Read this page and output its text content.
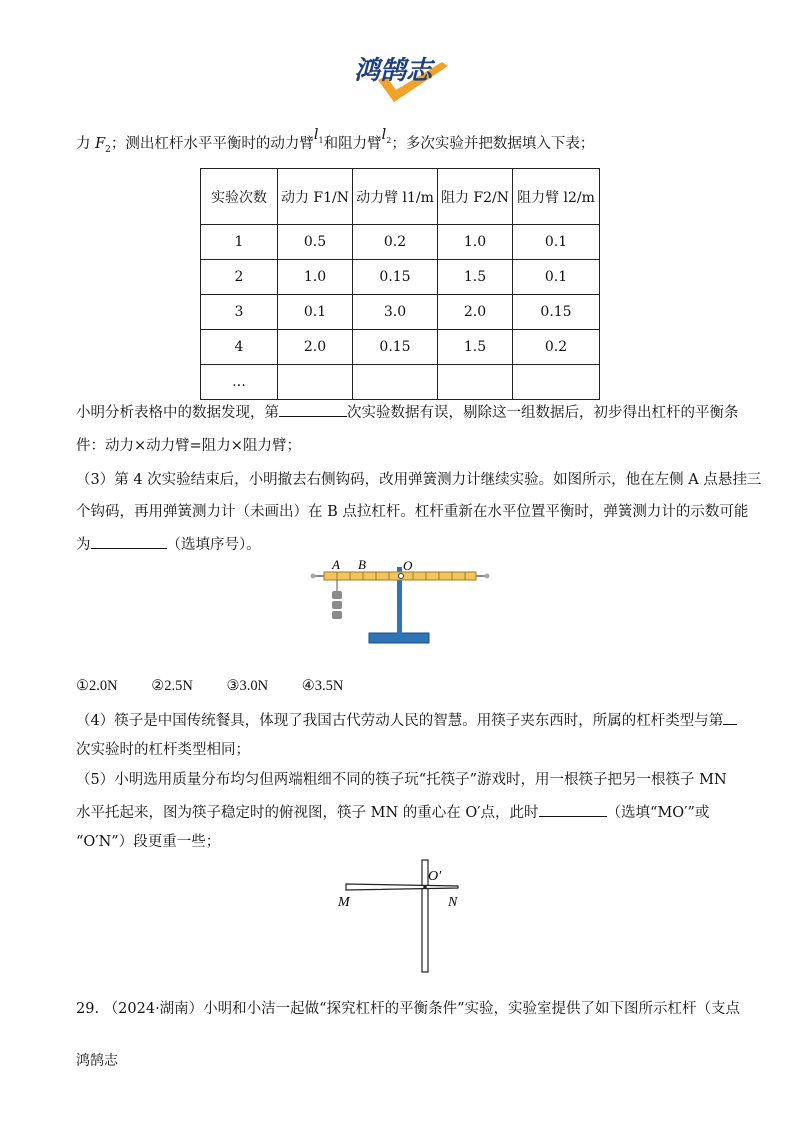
鸿鹄志
力 $F_2$；测出杠杆水平平衡时的动力臂$l_1$和阻力臂$l_2$；多次实验并把数据填入下表；
实验次数	动力 F1/N	动力臂 l1/m	阻力 F2/N	阻力臂 l2/m
1	0.5	0.2	1.0	0.1
2	1.0	0.15	1.5	0.1
3	0.1	3.0	2.0	0.15
4	2.0	0.15	1.5	0.2
…				
小明分析表格中的数据发现，第	次实验数据有误，剔除这一组数据后，初步得出杠杆的平衡条
件：动力×动力臂=阻力×阻力臂；
（3）第 4 次实验结束后，小明撤去右侧钩码，改用弹簧测力计继续实验。如图所示，他在左侧 A 点悬挂三
个钩码，再用弹簧测力计（未画出）在 B 点拉杠杆。杠杆重新在水平位置平衡时，弹簧测力计的示数可能
为	（选填序号）。
A B	O
①2.0N ②2.5N ③3.0N ④3.5N
（4）筷子是中国传统餐具，体现了我国古代劳动人民的智慧。用筷子夹东西时，所属的杠杆类型与第
次实验时的杠杆类型相同；
（5）小明选用质量分布均匀但两端粗细不同的筷子玩“托筷子”游戏时，用一根筷子把另一根筷子 MN
水平托起来，图为筷子稳定时的俯视图，筷子 MN 的重心在 O′点，此时	（选填“MO′”或
“O′N”）段更重一些；
O′
M	N
29. （2024·湖南）小明和小洁一起做“探究杠杆的平衡条件”实验，实验室提供了如下图所示杠杆（支点
鸿鹄志
